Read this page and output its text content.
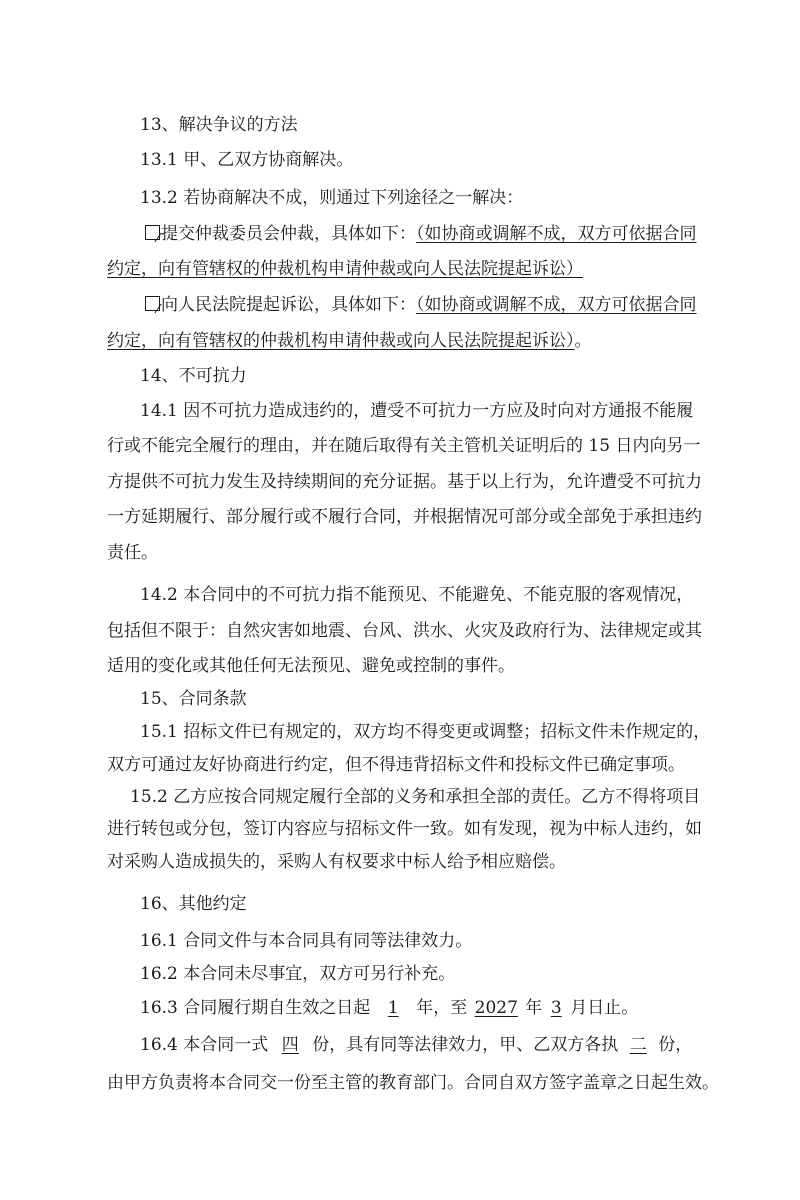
13、解决争议的方法

13.1 甲、乙双方协商解决。

13.2 若协商解决不成，则通过下列途径之一解决：

提交仲裁委员会仲裁，具体如下：（如协商或调解不成，双方可依据合同

约定，向有管辖权的仲裁机构申请仲裁或向人民法院提起诉讼）

向人民法院提起诉讼，具体如下：（如协商或调解不成，双方可依据合同

约定，向有管辖权的仲裁机构申请仲裁或向人民法院提起诉讼）。

14、不可抗力

14.1 因不可抗力造成违约的，遭受不可抗力一方应及时向对方通报不能履

行或不能完全履行的理由，并在随后取得有关主管机关证明后的 15 日内向另一

方提供不可抗力发生及持续期间的充分证据。基于以上行为，允许遭受不可抗力

一方延期履行、部分履行或不履行合同，并根据情况可部分或全部免于承担违约

责任。

14.2 本合同中的不可抗力指不能预见、不能避免、不能克服的客观情况，

包括但不限于：自然灾害如地震、台风、洪水、火灾及政府行为、法律规定或其

适用的变化或其他任何无法预见、避免或控制的事件。

15、合同条款

15.1 招标文件已有规定的，双方均不得变更或调整；招标文件未作规定的，

双方可通过友好协商进行约定，但不得违背招标文件和投标文件已确定事项。

15.2 乙方应按合同规定履行全部的义务和承担全部的责任。乙方不得将项目

进行转包或分包，签订内容应与招标文件一致。如有发现，视为中标人违约，如

对采购人造成损失的，采购人有权要求中标人给予相应赔偿。

16、其他约定

16.1 合同文件与本合同具有同等法律效力。

16.2 本合同未尽事宜，双方可另行补充。

16.3 合同履行期自生效之日起 1 年，至 2027 年 3 月日止。

16.4 本合同一式 四 份，具有同等法律效力，甲、乙双方各执 二 份，

由甲方负责将本合同交一份至主管的教育部门。合同自双方签字盖章之日起生效。
